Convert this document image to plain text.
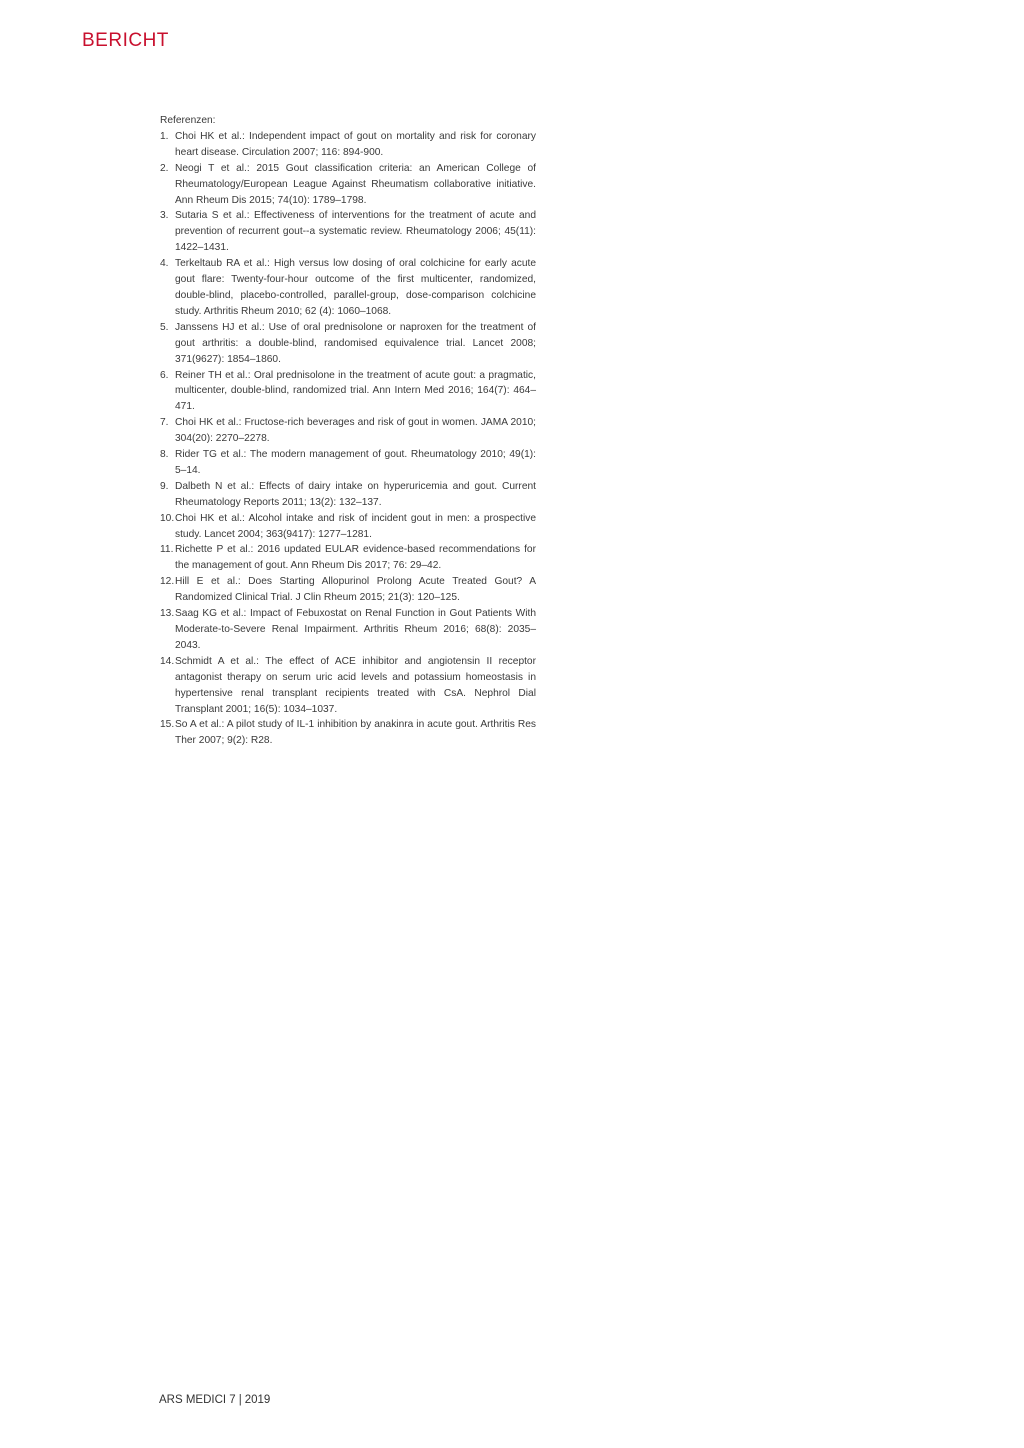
BERICHT

Referenzen:

1. Choi HK et al.: Independent impact of gout on mortality and risk for coronary heart disease. Circulation 2007; 116: 894-900.
2. Neogi T et al.: 2015 Gout classification criteria: an American College of Rheumatology/European League Against Rheumatism collaborative initiative. Ann Rheum Dis 2015; 74(10): 1789–1798.
3. Sutaria S et al.: Effectiveness of interventions for the treatment of acute and prevention of recurrent gout--a systematic review. Rheumatology 2006; 45(11): 1422–1431.
4. Terkeltaub RA et al.: High versus low dosing of oral colchicine for early acute gout flare: Twenty-four-hour outcome of the first multicenter, randomized, double-blind, placebo-controlled, parallel-group, dose-comparison colchicine study. Arthritis Rheum 2010; 62 (4): 1060–1068.
5. Janssens HJ et al.: Use of oral prednisolone or naproxen for the treatment of gout arthritis: a double-blind, randomised equivalence trial. Lancet 2008; 371(9627): 1854–1860.
6. Reiner TH et al.: Oral prednisolone in the treatment of acute gout: a pragmatic, multicenter, double-blind, randomized trial. Ann Intern Med 2016; 164(7): 464–471.
7. Choi HK et al.: Fructose-rich beverages and risk of gout in women. JAMA 2010; 304(20): 2270–2278.
8. Rider TG et al.: The modern management of gout. Rheumatology 2010; 49(1): 5–14.
9. Dalbeth N et al.: Effects of dairy intake on hyperuricemia and gout. Current Rheumatology Reports 2011; 13(2): 132–137.
10. Choi HK et al.: Alcohol intake and risk of incident gout in men: a prospective study. Lancet 2004; 363(9417): 1277–1281.
11. Richette P et al.: 2016 updated EULAR evidence-based recommendations for the management of gout. Ann Rheum Dis 2017; 76: 29–42.
12. Hill E et al.: Does Starting Allopurinol Prolong Acute Treated Gout? A Randomized Clinical Trial. J Clin Rheum 2015; 21(3): 120–125.
13. Saag KG et al.: Impact of Febuxostat on Renal Function in Gout Patients With Moderate-to-Severe Renal Impairment. Arthritis Rheum 2016; 68(8): 2035–2043.
14. Schmidt A et al.: The effect of ACE inhibitor and angiotensin II receptor antagonist therapy on serum uric acid levels and potassium homeostasis in hypertensive renal transplant recipients treated with CsA. Nephrol Dial Transplant 2001; 16(5): 1034–1037.
15. So A et al.: A pilot study of IL-1 inhibition by anakinra in acute gout. Arthritis Res Ther 2007; 9(2): R28.
ARS MEDICI 7 | 2019
